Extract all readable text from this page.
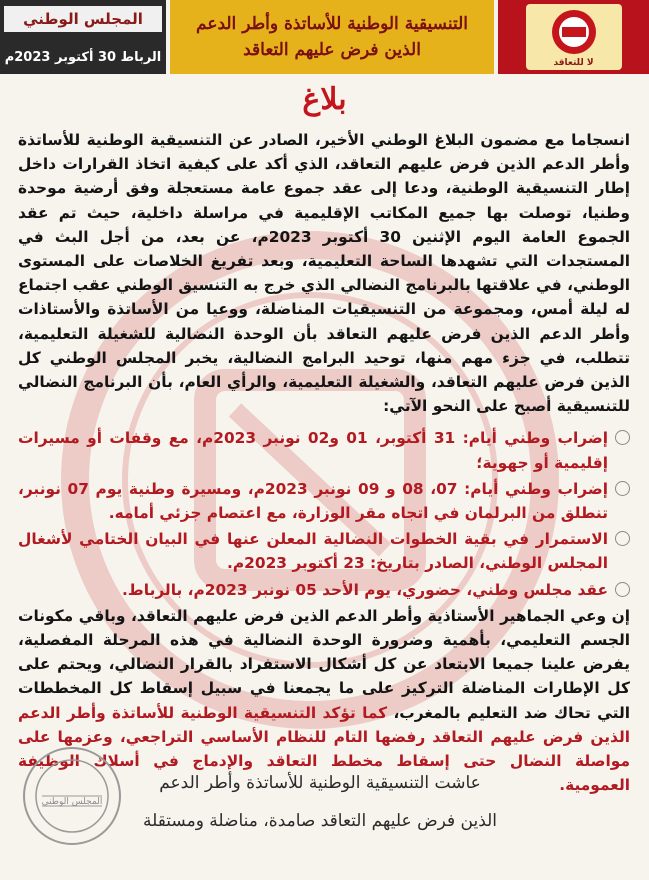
المجلس الوطني
الرباط 30 أكتوبر 2023م
التنسيقية الوطنية للأساتذة وأطر الدعم
الذين فرض عليهم التعاقد
لا للتعاقد
بلاغ

انسجاما مع مضمون البلاغ الوطني الأخير، الصادر عن التنسيقية الوطنية للأساتذة وأطر الدعم الذين فرض عليهم التعاقد، الذي أكد على كيفية اتخاذ القرارات داخل إطار التنسيقية الوطنية، ودعا إلى عقد جموع عامة مستعجلة وفق أرضية موحدة وطنيا، توصلت بها جميع المكاتب الإقليمية في مراسلة داخلية، حيث تم عقد الجموع العامة اليوم الإثنين 30 أكتوبر 2023م، عن بعد، من أجل البث في المستجدات التي تشهدها الساحة التعليمية، وبعد تفريغ الخلاصات على المستوى الوطني، في علاقتها بالبرنامج النضالي الذي خرج به التنسيق الوطني عقب اجتماع له ليلة أمس، ومجموعة من التنسيقيات المناضلة، ووعيا من الأساتذة والأستاذات وأطر الدعم الذين فرض عليهم التعاقد بأن الوحدة النضالية للشغيلة التعليمية، تتطلب، في جزء مهم منها، توحيد البرامج النضالية، يخبر المجلس الوطني كل الذين فرض عليهم التعاقد، والشغيلة التعليمية، والرأي العام، بأن البرنامج النضالي للتنسيقية أصبح على النحو الآتي:

إضراب وطني أيام: 31 أكتوبر، 01 و02 نونبر 2023م، مع وقفات أو مسيرات إقليمية أو جهوية؛
إضراب وطني أيام: 07، 08 و 09 نونبر 2023م، ومسيرة وطنية يوم 07 نونبر، تنطلق من البرلمان في اتجاه مقر الوزارة، مع اعتصام جزئي أمامه.
الاستمرار في بقية الخطوات النضالية المعلن عنها في البيان الختامي لأشغال المجلس الوطني، الصادر بتاريخ: 23 أكتوبر 2023م.
عقد مجلس وطني، حضوري، يوم الأحد 05 نونبر 2023م، بالرباط.

إن وعي الجماهير الأستاذية وأطر الدعم الذين فرض عليهم التعاقد، وباقي مكونات الجسم التعليمي، بأهمية وضرورة الوحدة النضالية في هذه المرحلة المفصلية، يفرض علينا جميعا الابتعاد عن كل أشكال الاستفراد بالقرار النضالي، ويحتم على كل الإطارات المناضلة التركيز على ما يجمعنا في سبيل إسقاط كل المخططات التي تحاك ضد التعليم بالمغرب، كما تؤكد التنسيقية الوطنية للأساتذة وأطر الدعم الذين فرض عليهم التعاقد رفضها التام للنظام الأساسي التراجعي، وعزمها على مواصلة النضال حتى إسقاط مخطط التعاقد والإدماج في أسلاك الوظيفة العمومية.

عاشت التنسيقية الوطنية للأساتذة وأطر الدعم
الذين فرض عليهم التعاقد صامدة، مناضلة ومستقلة
المجلس الوطني
